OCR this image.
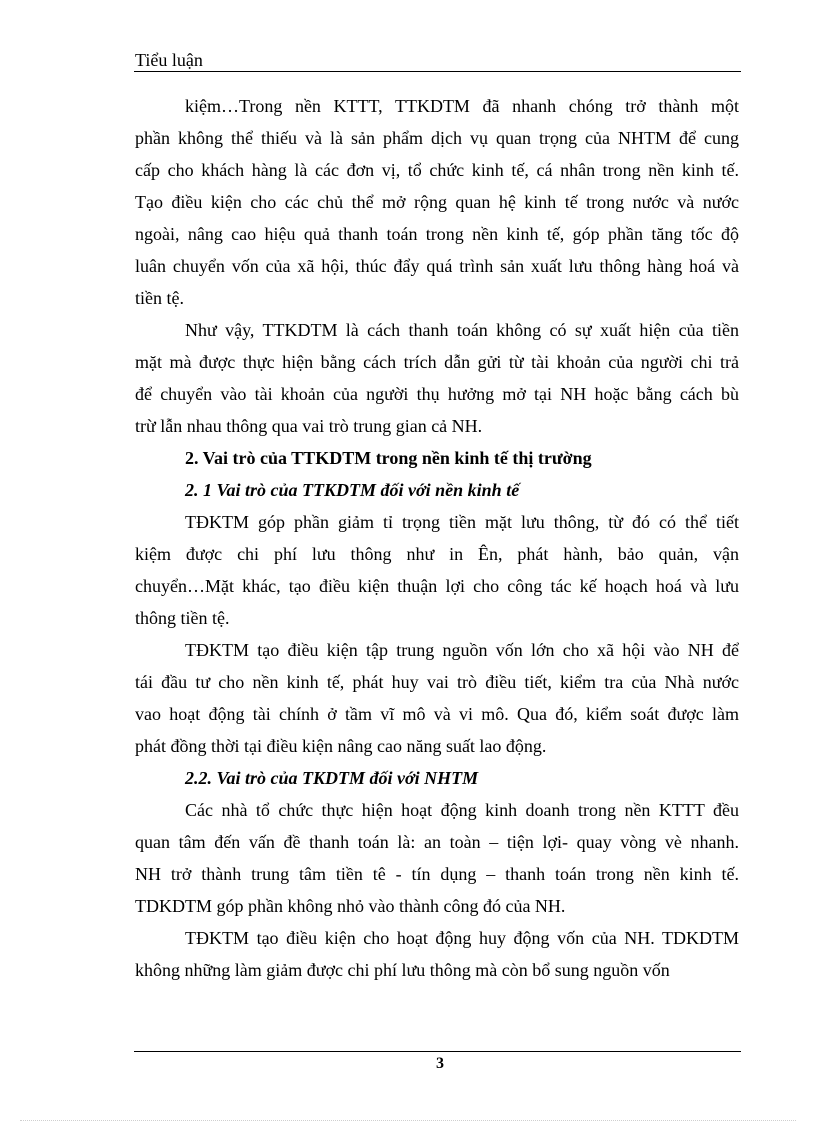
Tiểu luận
kiệm…Trong nền KTTT, TTKDTM đã nhanh chóng trở thành một
phần không thể thiếu và là sản phẩm dịch vụ quan trọng của NHTM để cung
cấp cho khách hàng là các đơn vị, tổ chức kinh tế, cá nhân trong nền kinh tế.
Tạo điều kiện cho các chủ thể mở rộng quan hệ kinh tế trong nước và nước
ngoài, nâng cao hiệu quả thanh toán trong nền kinh tế, góp phần tăng tốc độ
luân chuyển vốn của xã hội, thúc đẩy quá trình sản xuất lưu thông hàng hoá và
tiền tệ.
Như vậy, TTKDTM là cách thanh toán không có sự xuất hiện của tiền
mặt mà được thực hiện bằng cách trích dẫn gửi từ tài khoản của người chi trả
để chuyển vào tài khoản của người thụ hưởng mở tại NH hoặc bằng cách bù
trừ lẫn nhau thông qua vai trò trung gian cả NH.
2. Vai trò của TTKDTM trong nền kinh tế thị trường
2. 1 Vai trò của TTKDTM đối với nền kinh tế
TĐKTM góp phần giảm tỉ trọng tiền mặt lưu thông, từ đó có thể tiết
kiệm được chi phí lưu thông như in Ên, phát hành, bảo quản, vận
chuyển…Mặt khác, tạo điều kiện thuận lợi cho công tác kế hoạch hoá và lưu
thông tiền tệ.
TĐKTM tạo điều kiện tập trung nguồn vốn lớn cho xã hội vào NH để
tái đầu tư cho nền kinh tế, phát huy vai trò điều tiết, kiểm tra của Nhà nước
vao hoạt động tài chính ở tầm vĩ mô và vi mô. Qua đó, kiểm soát được làm
phát đồng thời tại điều kiện nâng cao năng suất lao động.
2.2. Vai trò của TKDTM đối với NHTM
Các nhà tổ chức thực hiện hoạt động kinh doanh trong nền KTTT đều
quan tâm đến vấn đề thanh toán là: an toàn – tiện lợi- quay vòng vè nhanh.
NH trở thành trung tâm tiền tê - tín dụng – thanh toán trong nền kinh tế.
TDKDTM góp phần không nhỏ vào thành công đó của NH.
TĐKTM tạo điều kiện cho hoạt động huy động vốn của NH. TDKDTM
không những làm giảm được chi phí lưu thông mà còn bổ sung nguồn vốn
3
